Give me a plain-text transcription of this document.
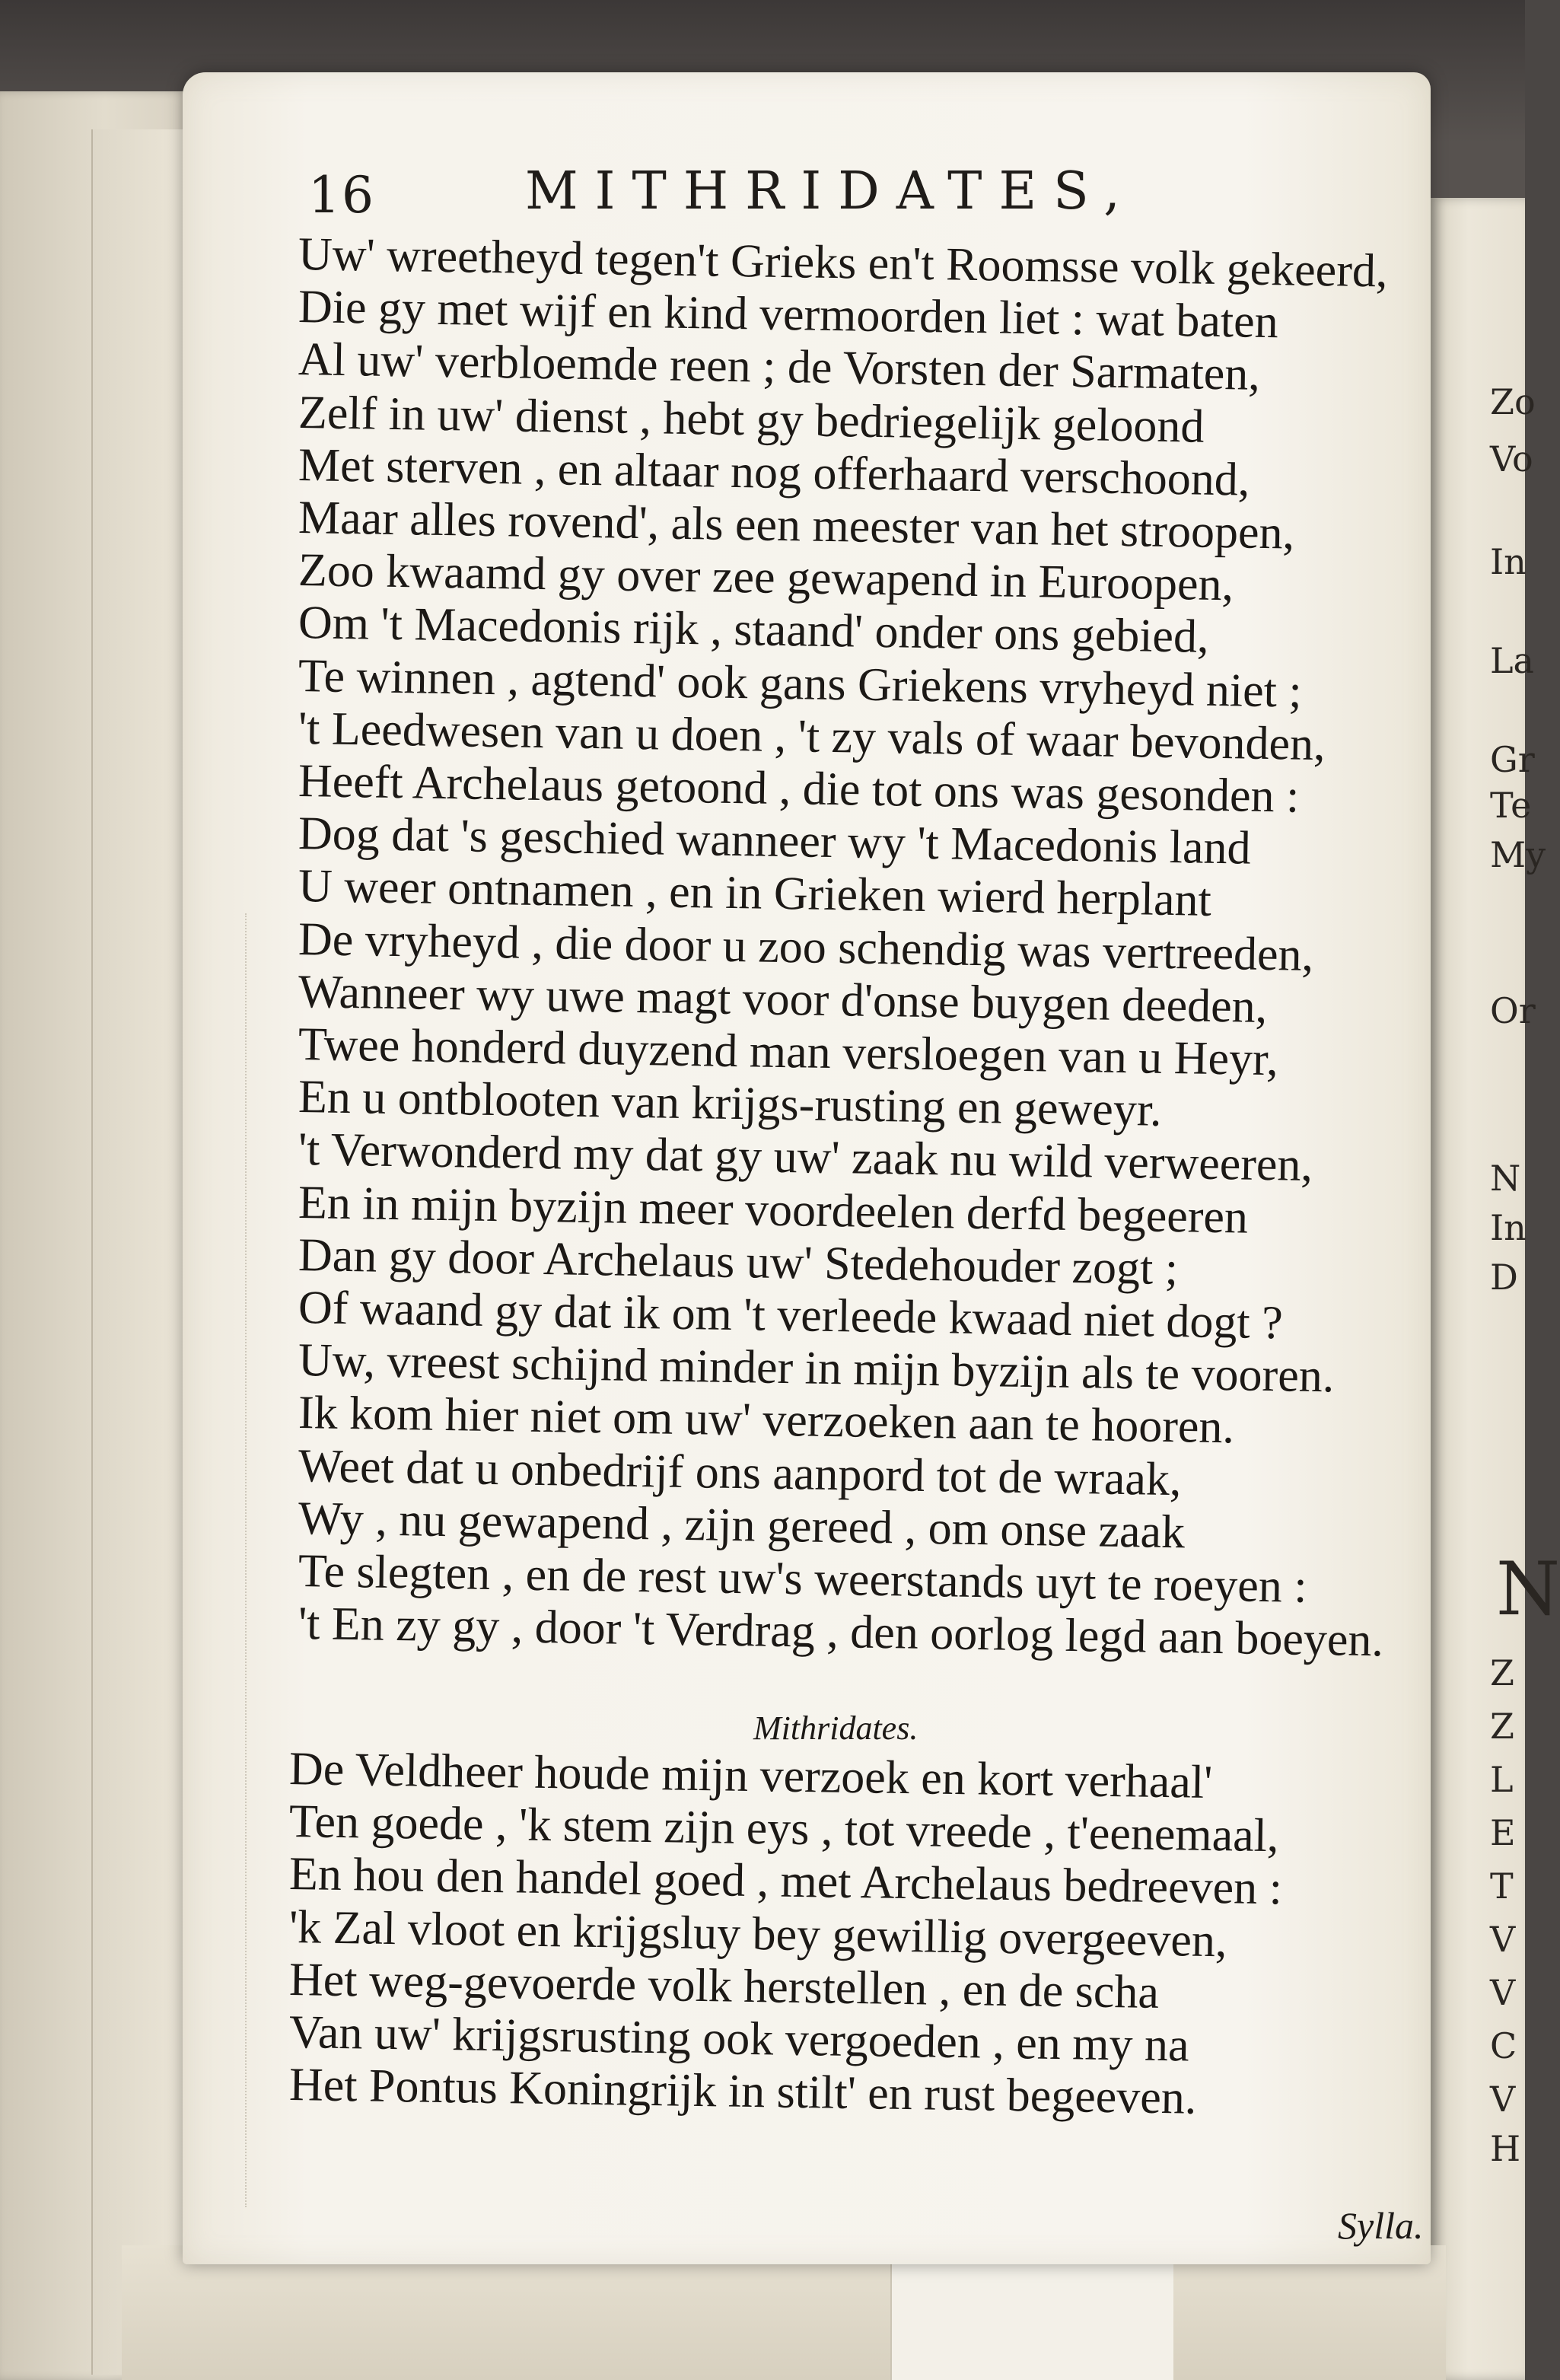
Zo
Vo
In
La
Gr
Te
My
Or
N
In
D
N
Z
Z
L
E
T
V
V
C
V
H
16	MITHRIDATES,
Uw' wreetheyd tegen't Grieks en't Roomsse volk gekeerd,
Die gy met wijf en kind vermoorden liet : wat baten
Al uw' verbloemde reen ; de Vorsten der Sarmaten,
Zelf in uw' dienst , hebt gy bedriegelijk geloond
Met sterven , en altaar nog offerhaard verschoond,
Maar alles rovend', als een meester van het stroopen,
Zoo kwaamd gy over zee gewapend in Euroopen,
Om 't Macedonis rijk , staand' onder ons gebied,
Te winnen , agtend' ook gans Griekens vryheyd niet ;
't Leedwesen van u doen , 't zy vals of waar bevonden,
Heeft Archelaus getoond , die tot ons was gesonden :
Dog dat 's geschied wanneer wy 't Macedonis land
U weer ontnamen , en in Grieken wierd herplant
De vryheyd , die door u zoo schendig was vertreeden,
Wanneer wy uwe magt voor d'onse buygen deeden,
Twee honderd duyzend man versloegen van u Heyr,
En u ontblooten van krijgs-rusting en geweyr.
't Verwonderd my dat gy uw' zaak nu wild verweeren,
En in mijn byzijn meer voordeelen derfd begeeren
Dan gy door Archelaus uw' Stedehouder zogt ;
Of waand gy dat ik om 't verleede kwaad niet dogt ?
Uw, vreest schijnd minder in mijn byzijn als te vooren.
Ik kom hier niet om uw' verzoeken aan te hooren.
Weet dat u onbedrijf ons aanpord tot de wraak,
Wy , nu gewapend , zijn gereed , om onse zaak
Te slegten , en de rest uw's weerstands uyt te roeyen :
't En zy gy , door 't Verdrag , den oorlog legd aan boeyen.
Mithridates.
De Veldheer houde mijn verzoek en kort verhaal'
Ten goede , 'k stem zijn eys , tot vreede , t'eenemaal,
En hou den handel goed , met Archelaus bedreeven :
'k Zal vloot en krijgsluy bey gewillig overgeeven,
Het weg-gevoerde volk herstellen , en de scha
Van uw' krijgsrusting ook vergoeden , en my na
Het Pontus Koningrijk in stilt' en rust begeeven.
Sylla.
